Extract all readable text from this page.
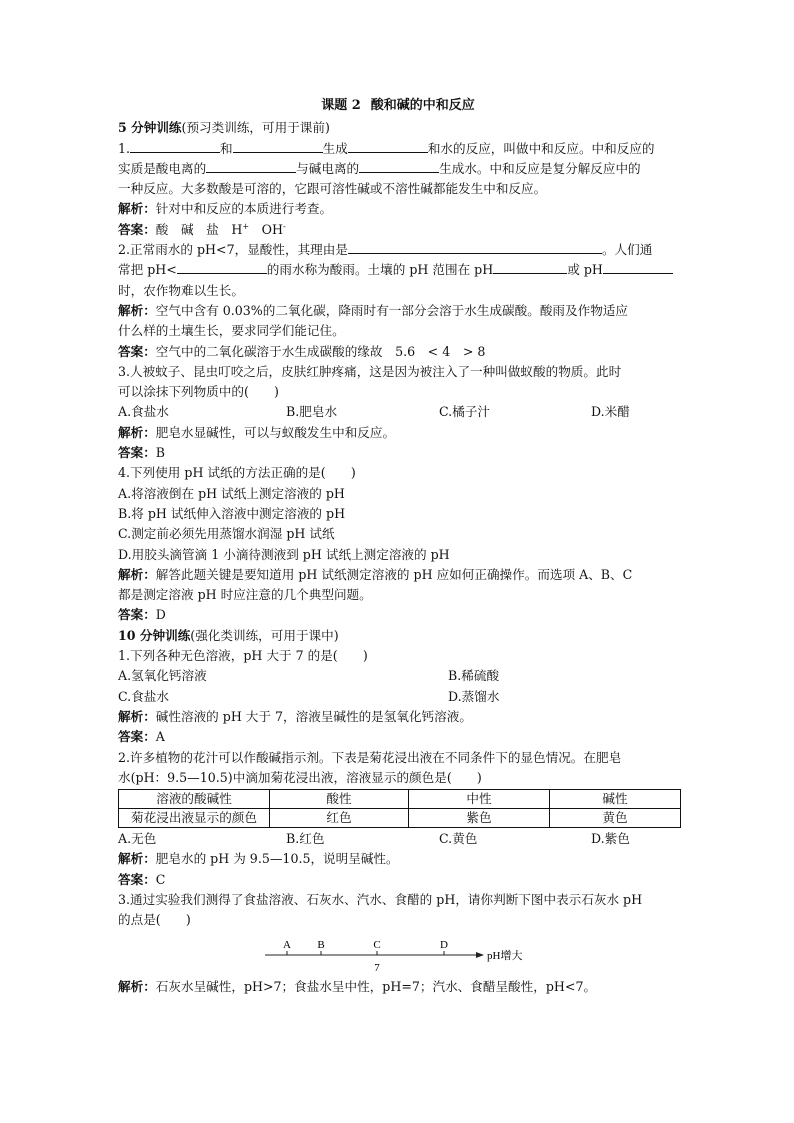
课题 2 酸和碱的中和反应
5 分钟训练(预习类训练，可用于课前)
1.	和	生成	和水的反应，叫做中和反应。中和反应的
实质是酸电离的	与碱电离的	生成水。中和反应是复分解反应中的
一种反应。大多数酸是可溶的，它跟可溶性碱或不溶性碱都能发生中和反应。
解析：针对中和反应的本质进行考查。
答案：酸　碱　盐　H+　OH-
2.正常雨水的 pH<7，显酸性，其理由是	。人们通
常把 pH<	的雨水称为酸雨。土壤的 pH 范围在 pH	或 pH
时，农作物难以生长。
解析：空气中含有 0.03%的二氧化碳，降雨时有一部分会溶于水生成碳酸。酸雨及作物适应
什么样的土壤生长，要求同学们能记住。
答案：空气中的二氧化碳溶于水生成碳酸的缘故　5.6　< 4　> 8
3.人被蚊子、昆虫叮咬之后，皮肤红肿疼痛，这是因为被注入了一种叫做蚁酸的物质。此时
可以涂抹下列物质中的(　　)
A.食盐水	B.肥皂水	C.橘子汁	D.米醋
解析：肥皂水显碱性，可以与蚁酸发生中和反应。
答案：B
4.下列使用 pH 试纸的方法正确的是(　　)
A.将溶液倒在 pH 试纸上测定溶液的 pH
B.将 pH 试纸伸入溶液中测定溶液的 pH
C.测定前必须先用蒸馏水润湿 pH 试纸
D.用胶头滴管滴 1 小滴待测液到 pH 试纸上测定溶液的 pH
解析：解答此题关键是要知道用 pH 试纸测定溶液的 pH 应如何正确操作。而选项 A、B、C
都是测定溶液 pH 时应注意的几个典型问题。
答案：D
10 分钟训练(强化类训练，可用于课中)
1.下列各种无色溶液，pH 大于 7 的是(　　)
A.氢氧化钙溶液	B.稀硫酸
C.食盐水	D.蒸馏水
解析：碱性溶液的 pH 大于 7，溶液呈碱性的是氢氧化钙溶液。
答案：A
2.许多植物的花汁可以作酸碱指示剂。下表是菊花浸出液在不同条件下的显色情况。在肥皂
水(pH：9.5—10.5)中滴加菊花浸出液，溶液显示的颜色是(　　)
溶液的酸碱性	酸性	中性	碱性
菊花浸出液显示的颜色	红色	紫色	黄色
A.无色	B.红色	C.黄色	D.紫色
解析：肥皂水的 pH 为 9.5—10.5，说明呈碱性。
答案：C
3.通过实验我们测得了食盐溶液、石灰水、汽水、食醋的 pH，请你判断下图中表示石灰水 pH
的点是(　　)
A B	C	D
7
pH增大
解析：石灰水呈碱性，pH>7；食盐水呈中性，pH=7；汽水、食醋呈酸性，pH<7。
